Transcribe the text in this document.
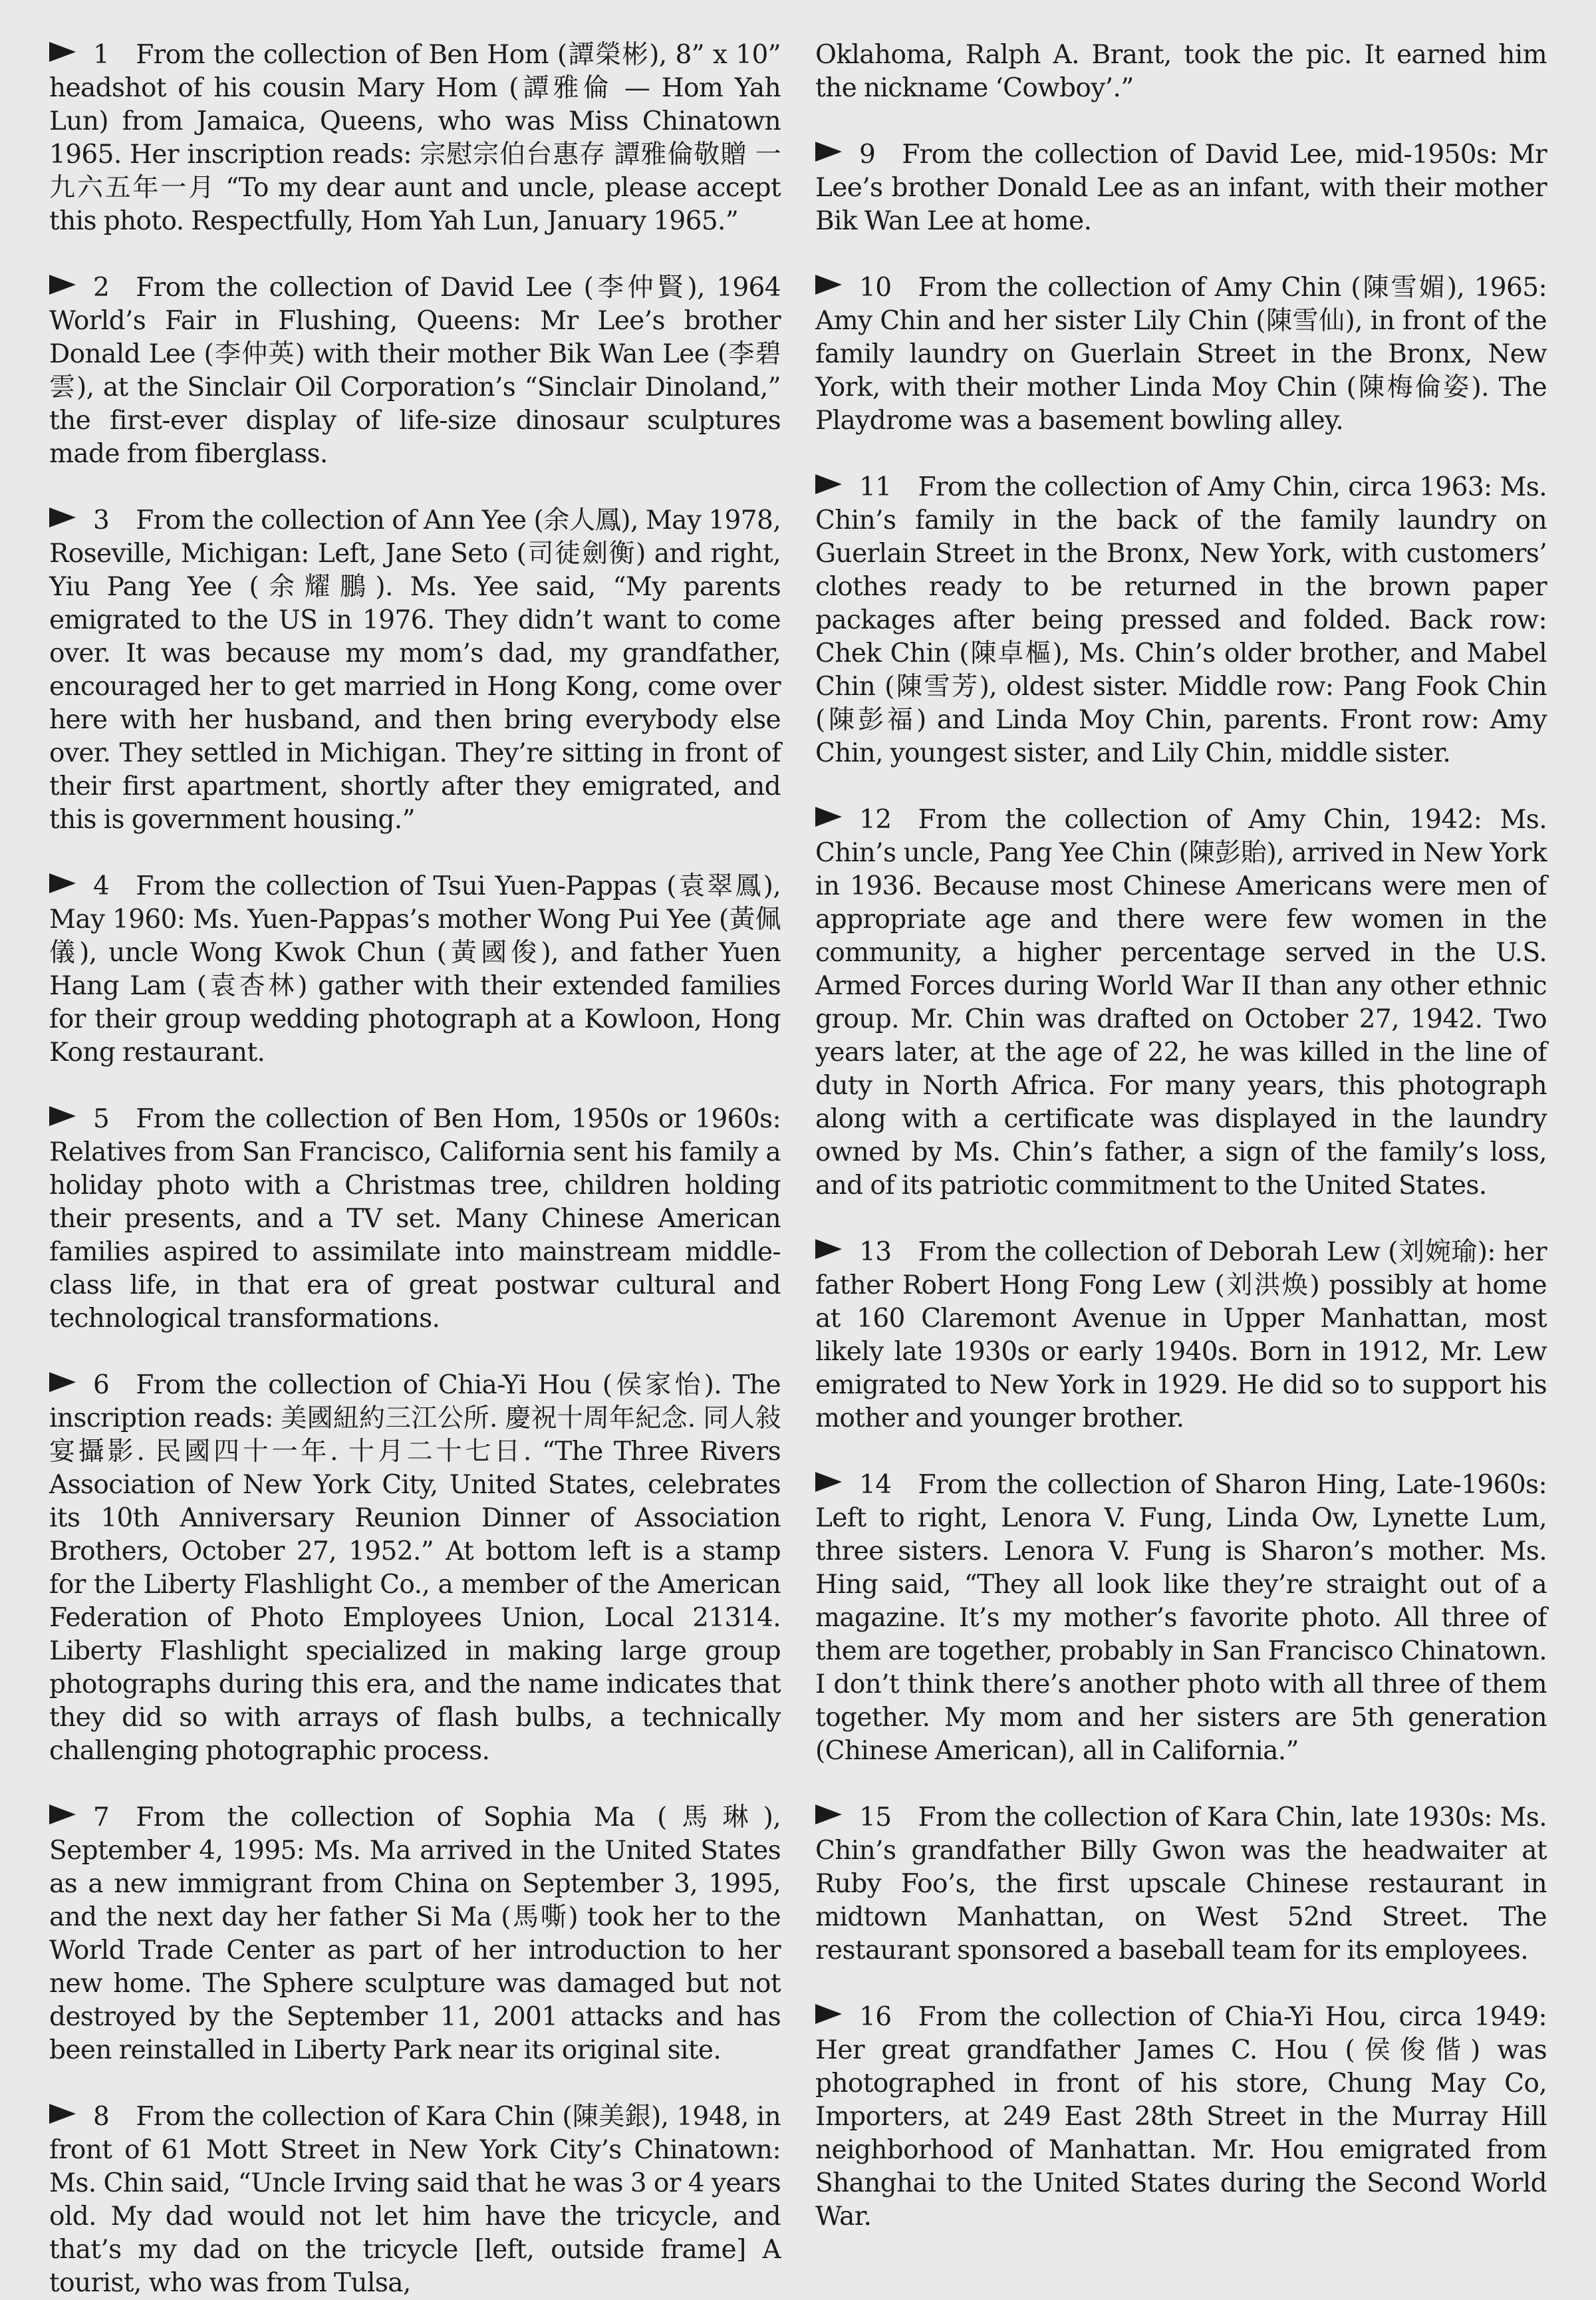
1 From the collection of Ben Hom (譚榮彬), 8” x 10” headshot of his cousin Mary Hom (譚雅倫 — Hom Yah Lun) from Jamaica, Queens, who was Miss Chinatown 1965. Her inscription reads: 宗慰宗伯台惠存 譚雅倫敬贈 一九六五年一月 “To my dear aunt and uncle, please accept this photo. Respectfully, Hom Yah Lun, January 1965.”

2 From the collection of David Lee (李仲賢), 1964 World’s Fair in Flushing, Queens: Mr Lee’s brother Donald Lee (李仲英) with their mother Bik Wan Lee (李碧雲), at the Sinclair Oil Corporation’s “Sinclair Dinoland,” the first-ever display of life-size dinosaur sculptures made from fiberglass.

3 From the collection of Ann Yee (余人鳳), May 1978, Roseville, Michigan: Left, Jane Seto (司徒劍衡) and right, Yiu Pang Yee (余耀鵬). Ms. Yee said, “My parents emigrated to the US in 1976. They didn’t want to come over. It was because my mom’s dad, my grandfather, encouraged her to get married in Hong Kong, come over here with her husband, and then bring everybody else over. They settled in Michigan. They’re sitting in front of their first apartment, shortly after they emigrated, and this is government housing.”

4 From the collection of Tsui Yuen-Pappas (袁翠鳳), May 1960: Ms. Yuen-Pappas’s mother Wong Pui Yee (黃佩儀), uncle Wong Kwok Chun (黃國俊), and father Yuen Hang Lam (袁杏林) gather with their extended families for their group wedding photograph at a Kowloon, Hong Kong restaurant.

5 From the collection of Ben Hom, 1950s or 1960s: Relatives from San Francisco, California sent his family a holiday photo with a Christmas tree, children holding their presents, and a TV set. Many Chinese American families aspired to assimilate into mainstream middle-class life, in that era of great postwar cultural and technological transformations.

6 From the collection of Chia-Yi Hou (侯家怡). The inscription reads: 美國紐約三江公所. 慶祝十周年紀念. 同人敍宴攝影. 民國四十一年. 十月二十七日. “The Three Rivers Association of New York City, United States, celebrates its 10th Anniversary Reunion Dinner of Association Brothers, October 27, 1952.” At bottom left is a stamp for the Liberty Flashlight Co., a member of the American Federation of Photo Employees Union, Local 21314. Liberty Flashlight specialized in making large group photographs during this era, and the name indicates that they did so with arrays of flash bulbs, a technically challenging photographic process.

7 From the collection of Sophia Ma (馬琳), September 4, 1995: Ms. Ma arrived in the United States as a new immigrant from China on September 3, 1995, and the next day her father Si Ma (馬嘶) took her to the World Trade Center as part of her introduction to her new home. The Sphere sculpture was damaged but not destroyed by the September 11, 2001 attacks and has been reinstalled in Liberty Park near its original site.

8 From the collection of Kara Chin (陳美銀), 1948, in front of 61 Mott Street in New York City’s Chinatown: Ms. Chin said, “Uncle Irving said that he was 3 or 4 years old. My dad would not let him have the tricycle, and that’s my dad on the tricycle [left, outside frame] A tourist, who was from Tulsa,

Oklahoma, Ralph A. Brant, took the pic. It earned him the nickname ‘Cowboy’.”

9 From the collection of David Lee, mid-1950s: Mr Lee’s brother Donald Lee as an infant, with their mother Bik Wan Lee at home.

10 From the collection of Amy Chin (陳雪媚), 1965: Amy Chin and her sister Lily Chin (陳雪仙), in front of the family laundry on Guerlain Street in the Bronx, New York, with their mother Linda Moy Chin (陳梅倫姿). The Playdrome was a basement bowling alley.

11 From the collection of Amy Chin, circa 1963: Ms. Chin’s family in the back of the family laundry on Guerlain Street in the Bronx, New York, with customers’ clothes ready to be returned in the brown paper packages after being pressed and folded. Back row: Chek Chin (陳卓樞), Ms. Chin’s older brother, and Mabel Chin (陳雪芳), oldest sister. Middle row: Pang Fook Chin (陳彭福) and Linda Moy Chin, parents. Front row: Amy Chin, youngest sister, and Lily Chin, middle sister.

12 From the collection of Amy Chin, 1942: Ms. Chin’s uncle, Pang Yee Chin (陳彭貽), arrived in New York in 1936. Because most Chinese Americans were men of appropriate age and there were few women in the community, a higher percentage served in the U.S. Armed Forces during World War II than any other ethnic group. Mr. Chin was drafted on October 27, 1942. Two years later, at the age of 22, he was killed in the line of duty in North Africa. For many years, this photograph along with a certificate was displayed in the laundry owned by Ms. Chin’s father, a sign of the family’s loss, and of its patriotic commitment to the United States.

13 From the collection of Deborah Lew (刘婉瑜): her father Robert Hong Fong Lew (刘洪焕) possibly at home at 160 Claremont Avenue in Upper Manhattan, most likely late 1930s or early 1940s. Born in 1912, Mr. Lew emigrated to New York in 1929. He did so to support his mother and younger brother.

14 From the collection of Sharon Hing, Late-1960s: Left to right, Lenora V. Fung, Linda Ow, Lynette Lum, three sisters. Lenora V. Fung is Sharon’s mother. Ms. Hing said, “They all look like they’re straight out of a magazine. It’s my mother’s favorite photo. All three of them are together, probably in San Francisco Chinatown. I don’t think there’s another photo with all three of them together. My mom and her sisters are 5th generation (Chinese American), all in California.”

15 From the collection of Kara Chin, late 1930s: Ms. Chin’s grandfather Billy Gwon was the headwaiter at Ruby Foo’s, the first upscale Chinese restaurant in midtown Manhattan, on West 52nd Street. The restaurant sponsored a baseball team for its employees.

16 From the collection of Chia-Yi Hou, circa 1949: Her great grandfather James C. Hou (侯俊偕) was photographed in front of his store, Chung May Co, Importers, at 249 East 28th Street in the Murray Hill neighborhood of Manhattan. Mr. Hou emigrated from Shanghai to the United States during the Second World War.
